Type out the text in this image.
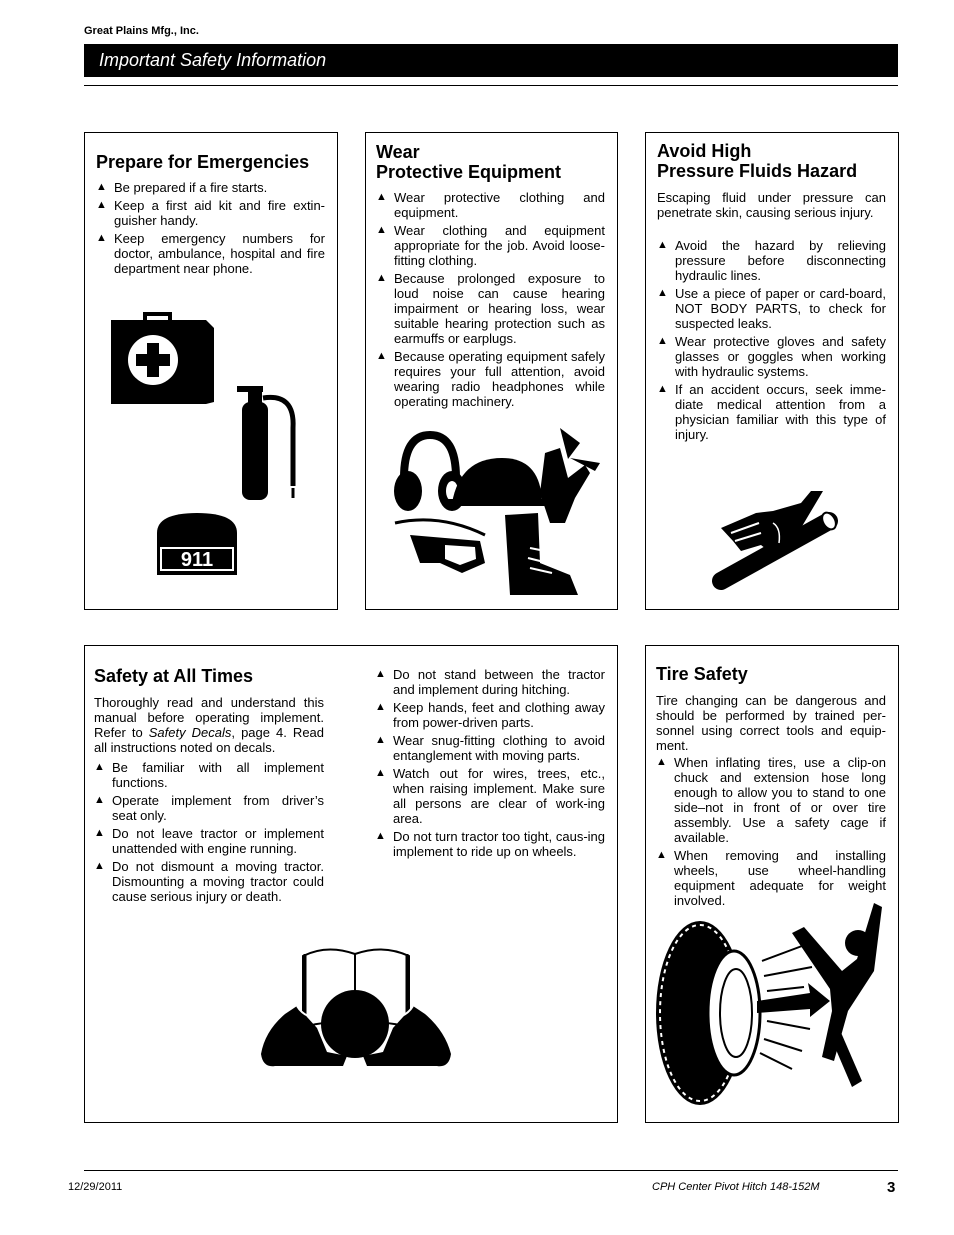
Great Plains Mfg., Inc.
Important Safety Information
Prepare for Emergencies
▲ Be prepared if a fire starts.
▲ Keep a first aid kit and fire extin-guisher handy.
▲ Keep emergency numbers for doctor, ambulance, hospital and fire department near phone.
911
Wear
Protective Equipment
▲ Wear protective clothing and equipment.
▲ Wear clothing and equipment appropriate for the job. Avoid loose-fitting clothing.
▲ Because prolonged exposure to loud noise can cause hearing impairment or hearing loss, wear suitable hearing protection such as earmuffs or earplugs.
▲ Because operating equipment safely requires your full attention, avoid wearing radio headphones while operating machinery.
Avoid High
Pressure Fluids Hazard

Escaping fluid under pressure can penetrate skin, causing serious injury.

▲ Avoid the hazard by relieving pressure before disconnecting hydraulic lines.
▲ Use a piece of paper or card-board, NOT BODY PARTS, to check for suspected leaks.
▲ Wear protective gloves and safety glasses or goggles when working with hydraulic systems.
▲ If an accident occurs, seek imme-diate medical attention from a physician familiar with this type of injury.
Safety at All Times

Thoroughly read and understand this manual before operating implement. Refer to Safety Decals, page 4. Read all instructions noted on decals.

▲ Be familiar with all implement functions.
▲ Operate implement from driver’s seat only.
▲ Do not leave tractor or implement unattended with engine running.
▲ Do not dismount a moving tractor. Dismounting a moving tractor could cause serious injury or death.
▲ Do not stand between the tractor and implement during hitching.
▲ Keep hands, feet and clothing away from power-driven parts.
▲ Wear snug-fitting clothing to avoid entanglement with moving parts.
▲ Watch out for wires, trees, etc., when raising implement. Make sure all persons are clear of work-ing area.
▲ Do not turn tractor too tight, caus-ing implement to ride up on wheels.
Tire Safety

Tire changing can be dangerous and should be performed by trained per-sonnel using correct tools and equip-ment.

▲ When inflating tires, use a clip-on chuck and extension hose long enough to allow you to stand to one side–not in front of or over tire assembly. Use a safety cage if available.
▲ When removing and installing wheels, use wheel-handling equipment adequate for weight involved.
12/29/2011	CPH Center Pivot Hitch 148-152M	3
